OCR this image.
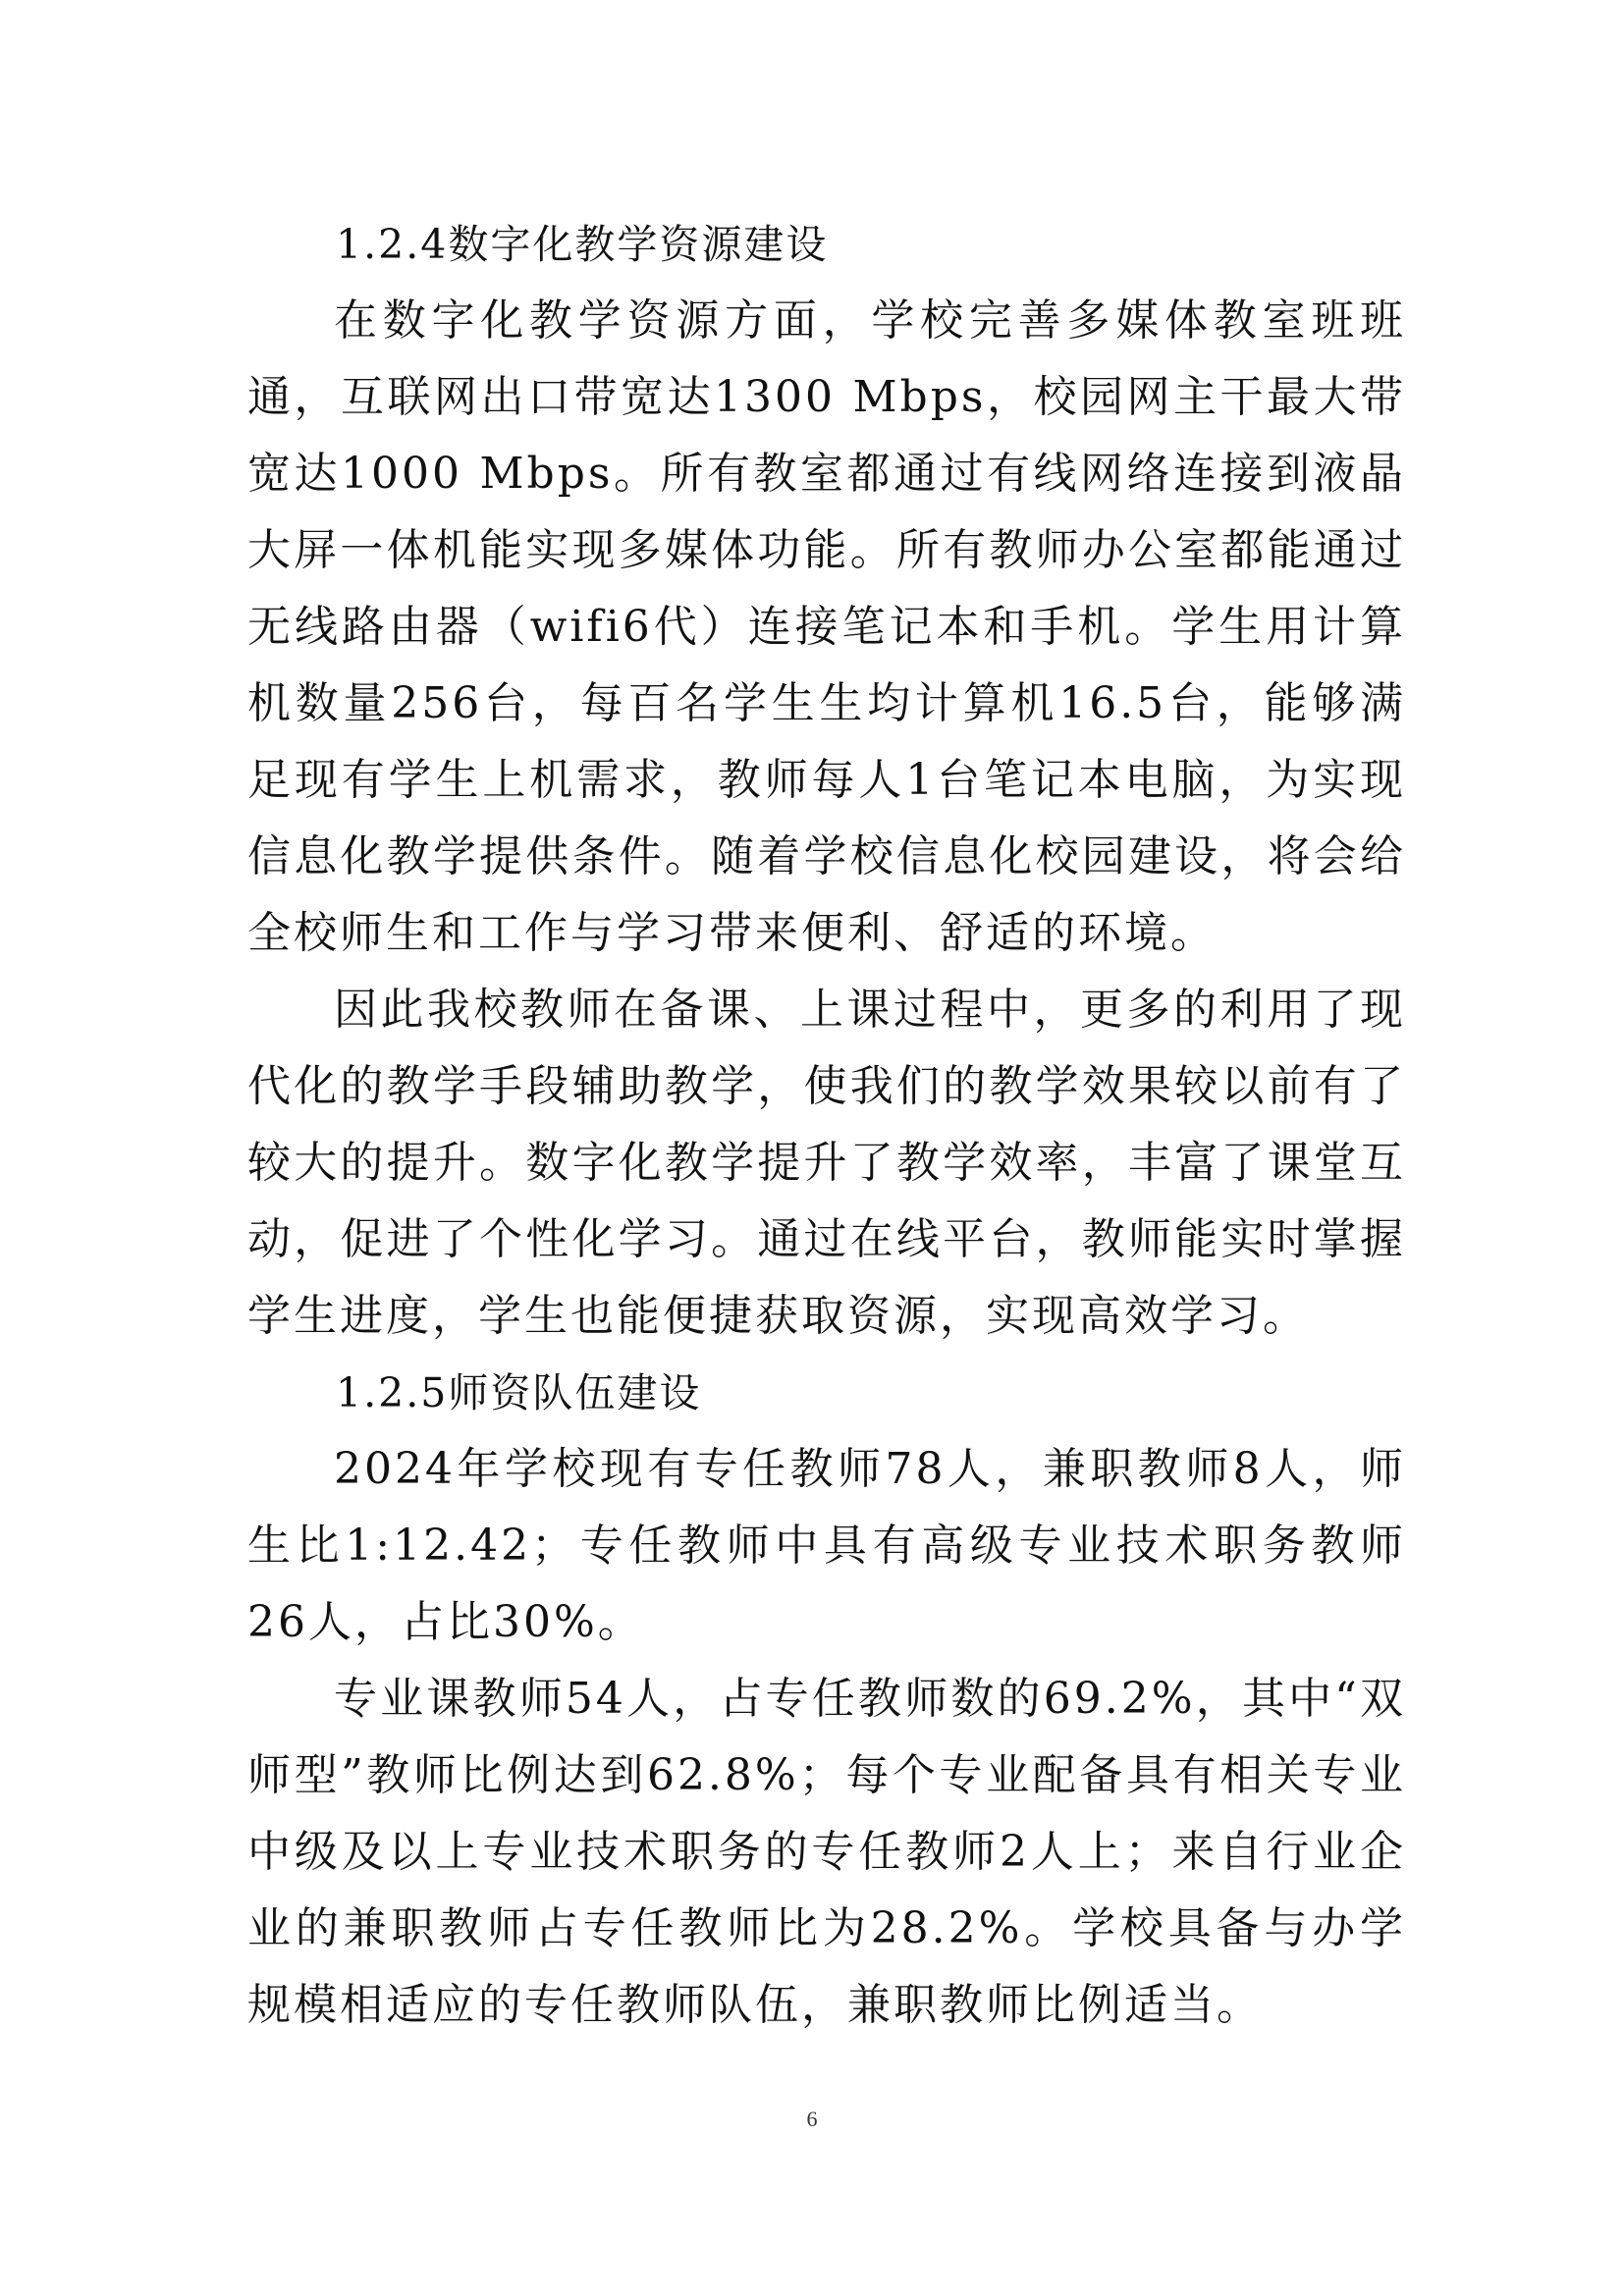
1.2.4数字化教学资源建设

在数字化教学资源方面，学校完善多媒体教室班班通，互联网出口带宽达1300 Mbps，校园网主干最大带宽达1000 Mbps。所有教室都通过有线网络连接到液晶大屏一体机能实现多媒体功能。所有教师办公室都能通过无线路由器（wifi6代）连接笔记本和手机。学生用计算机数量256台，每百名学生生均计算机16.5台，能够满足现有学生上机需求，教师每人1台笔记本电脑，为实现信息化教学提供条件。随着学校信息化校园建设，将会给全校师生和工作与学习带来便利、舒适的环境。

因此我校教师在备课、上课过程中，更多的利用了现代化的教学手段辅助教学，使我们的教学效果较以前有了较大的提升。数字化教学提升了教学效率，丰富了课堂互动，促进了个性化学习。通过在线平台，教师能实时掌握学生进度，学生也能便捷获取资源，实现高效学习。

1.2.5师资队伍建设

2024年学校现有专任教师78人，兼职教师8人，师生比1:12.42；专任教师中具有高级专业技术职务教师26人，占比30%。

专业课教师54人，占专任教师数的69.2%，其中“双师型”教师比例达到62.8%；每个专业配备具有相关专业中级及以上专业技术职务的专任教师2人上；来自行业企业的兼职教师占专任教师比为28.2%。学校具备与办学规模相适应的专任教师队伍，兼职教师比例适当。

6
